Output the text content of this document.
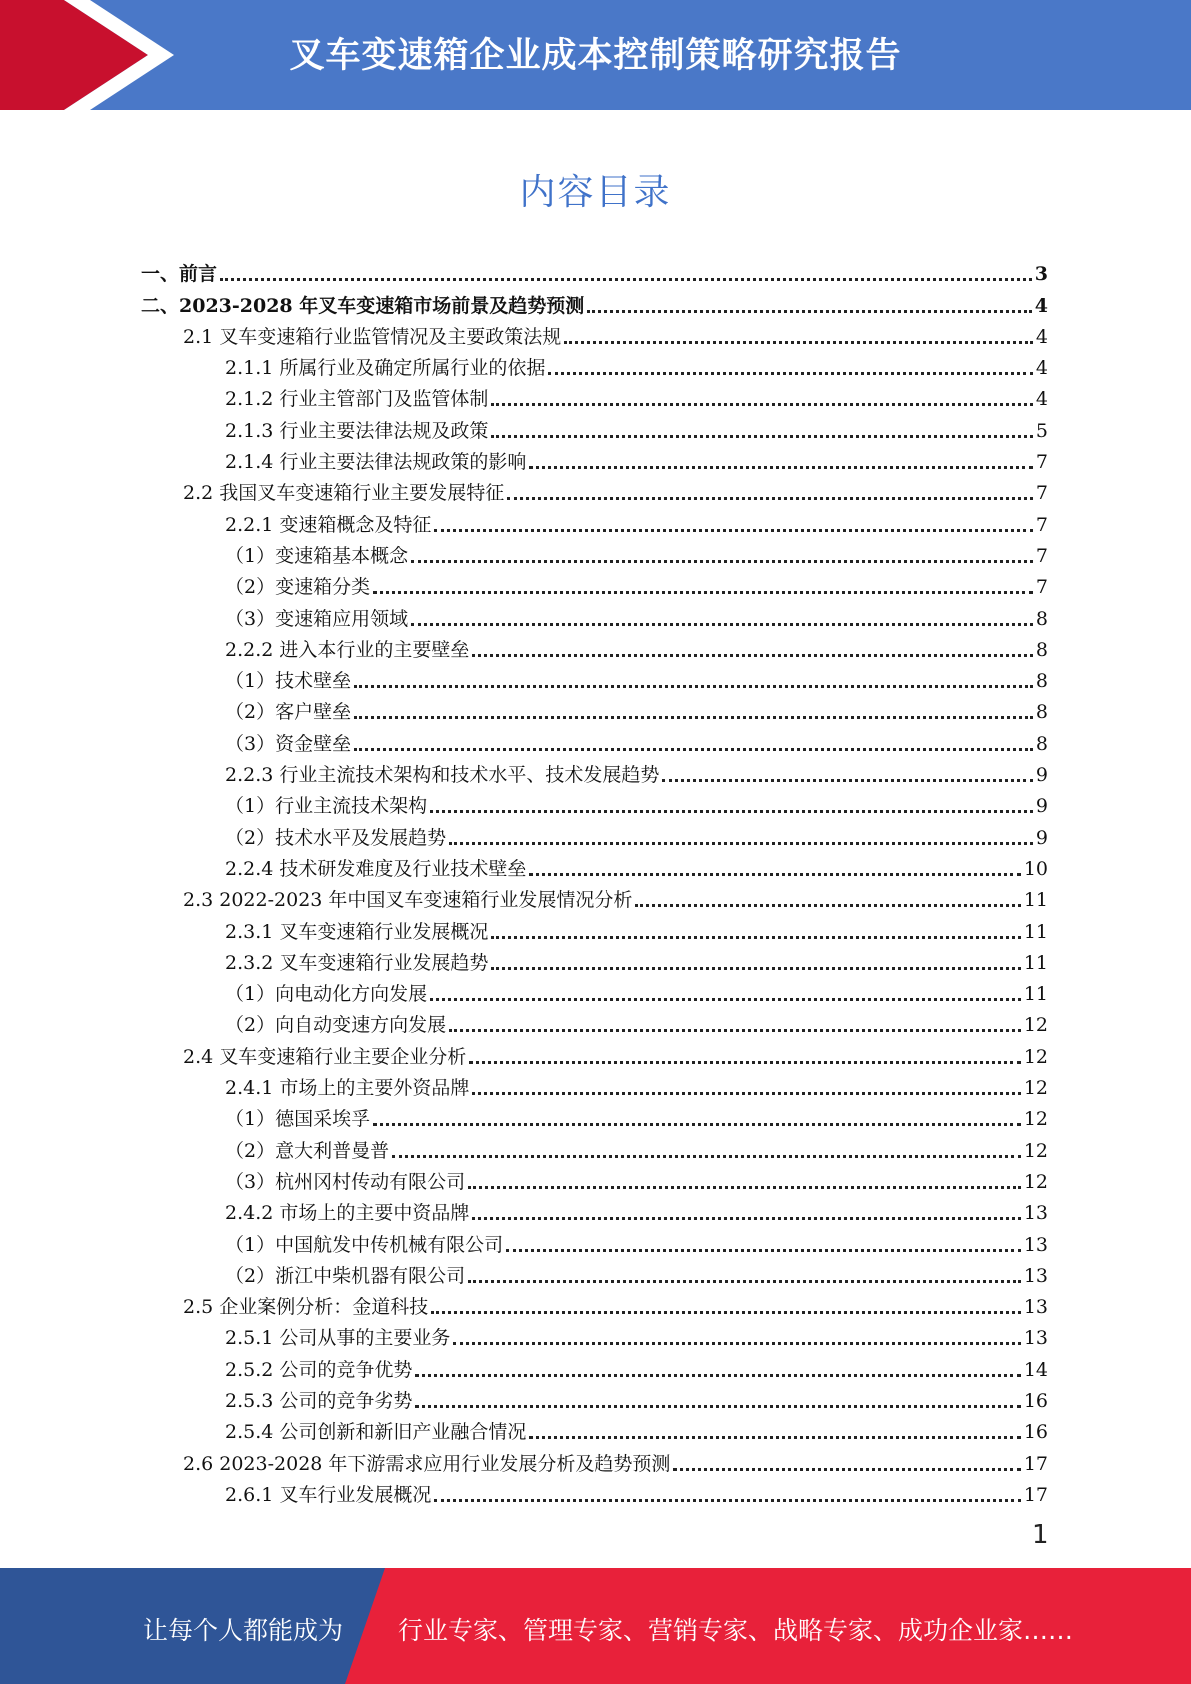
叉车变速箱企业成本控制策略研究报告
内容目录
一、前言	3
二、2023-2028 年叉车变速箱市场前景及趋势预测	4
2.1 叉车变速箱行业监管情况及主要政策法规	4
2.1.1 所属行业及确定所属行业的依据	4
2.1.2 行业主管部门及监管体制	4
2.1.3 行业主要法律法规及政策	5
2.1.4 行业主要法律法规政策的影响	7
2.2 我国叉车变速箱行业主要发展特征	7
2.2.1 变速箱概念及特征	7
（1）变速箱基本概念	7
（2）变速箱分类	7
（3）变速箱应用领域	8
2.2.2 进入本行业的主要壁垒	8
（1）技术壁垒	8
（2）客户壁垒	8
（3）资金壁垒	8
2.2.3 行业主流技术架构和技术水平、技术发展趋势	9
（1）行业主流技术架构	9
（2）技术水平及发展趋势	9
2.2.4 技术研发难度及行业技术壁垒	10
2.3 2022-2023 年中国叉车变速箱行业发展情况分析	11
2.3.1 叉车变速箱行业发展概况	11
2.3.2 叉车变速箱行业发展趋势	11
（1）向电动化方向发展	11
（2）向自动变速方向发展	12
2.4 叉车变速箱行业主要企业分析	12
2.4.1 市场上的主要外资品牌	12
（1）德国采埃孚	12
（2）意大利普曼普	12
（3）杭州冈村传动有限公司	12
2.4.2 市场上的主要中资品牌	13
（1）中国航发中传机械有限公司	13
（2）浙江中柴机器有限公司	13
2.5 企业案例分析：金道科技	13
2.5.1 公司从事的主要业务	13
2.5.2 公司的竞争优势	14
2.5.3 公司的竞争劣势	16
2.5.4 公司创新和新旧产业融合情况	16
2.6 2023-2028 年下游需求应用行业发展分析及趋势预测	17
2.6.1 叉车行业发展概况	17
1
让每个人都能成为 行业专家、管理专家、营销专家、战略专家、成功企业家……
